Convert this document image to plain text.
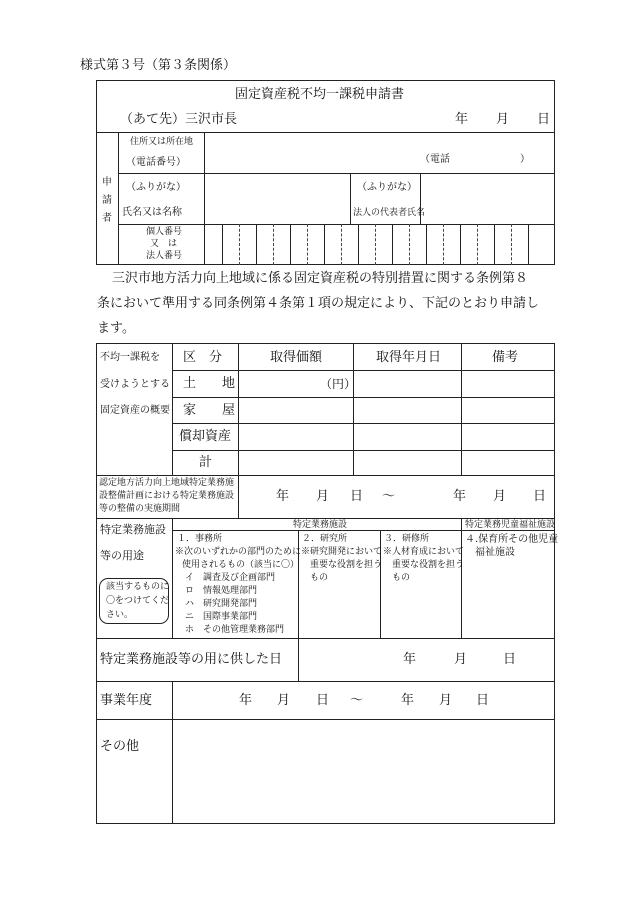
様式第３号（第３条関係）
固定資産税不均一課税申請書
（あて先）三沢市長	年 月 日
申
請
者
住所又は所在地
（電話番号）	（電話　　　　　　　）
（ふりがな）
氏名又は名称
（ふりがな）
法人の代表者氏名
個人番号
又　は
法人番号
三沢市地方活力向上地域に係る固定資産税の特別措置に関する条例第８
条において準用する同条例第４条第１項の規定により、下記のとおり申請し
ます。
不均一課税を
受けようとする
固定資産の概要
区　分	取得価額	取得年月日	備考
土　　地	（円）
家　　屋
償却資産
計
認定地方活力向上地域特定業務施
設整備計画における特定業務施設
等の整備の実施期間
年 月 日 ～	年 月 日
特定業務施設
等の用途
該当するものに
〇をつけてくだ
さい。
特定業務施設	特定業務児童福祉施設
１．事務所
※次のいずれかの部門のために
使用されるもの（該当に〇）
イ　調査及び企画部門
ロ　情報処理部門
ハ　研究開発部門
ニ　国際事業部門
ホ　その他管理業務部門
２．研究所
※研究開発において
重要な役割を担う
もの
３．研修所
※人材育成において
重要な役割を担う
もの
４.保育所その他児童
福祉施設
特定業務施設等の用に供した日	年	月	日
事業年度	年 月 日 ～	年 月 日
その他
